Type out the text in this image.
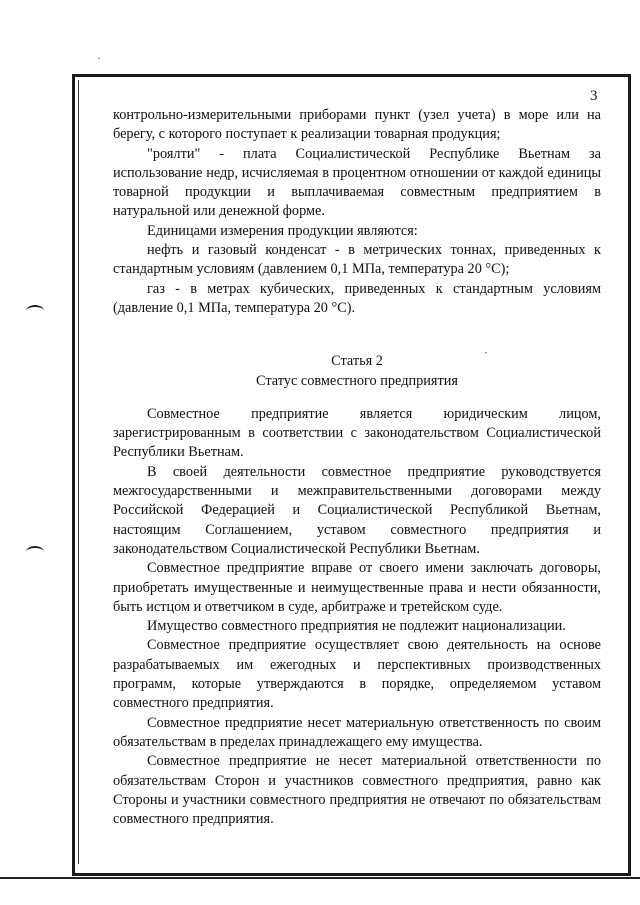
˙
·
3

контрольно-измерительными приборами пункт (узел учета) в море или на берегу, с которого поступает к реализации товарная продукция;

"роялти" - плата Социалистической Республике Вьетнам за использование недр, исчисляемая в процентном отношении от каждой единицы товарной продукции и выплачиваемая совместным предприятием в натуральной или денежной форме.

Единицами измерения продукции являются:

нефть и газовый конденсат - в метрических тоннах, приведенных к стандартным условиям (давлением 0,1 МПа, температура 20 °С);

газ - в метрах кубических, приведенных к стандартным условиям (давление 0,1 МПа, температура 20 °С).

Статья 2

Статус совместного предприятия

Совместное предприятие является юридическим лицом, зарегистрированным в соответствии с законодательством Социалистической Республики Вьетнам.

В своей деятельности совместное предприятие руководствуется межгосударственными и межправительственными договорами между Российской Федерацией и Социалистической Республикой Вьетнам, настоящим Соглашением, уставом совместного предприятия и законодательством Социалистической Республики Вьетнам.

Совместное предприятие вправе от своего имени заключать договоры, приобретать имущественные и неимущественные права и нести обязанности, быть истцом и ответчиком в суде, арбитраже и третейском суде.

Имущество совместного предприятия не подлежит национализации.

Совместное предприятие осуществляет свою деятельность на основе разрабатываемых им ежегодных и перспективных производственных программ, которые утверждаются в порядке, определяемом уставом совместного предприятия.

Совместное предприятие несет материальную ответственность по своим обязательствам в пределах принадлежащего ему имущества.

Совместное предприятие не несет материальной ответственности по обязательствам Сторон и участников совместного предприятия, равно как Стороны и участники совместного предприятия не отвечают по обязательствам совместного предприятия.
